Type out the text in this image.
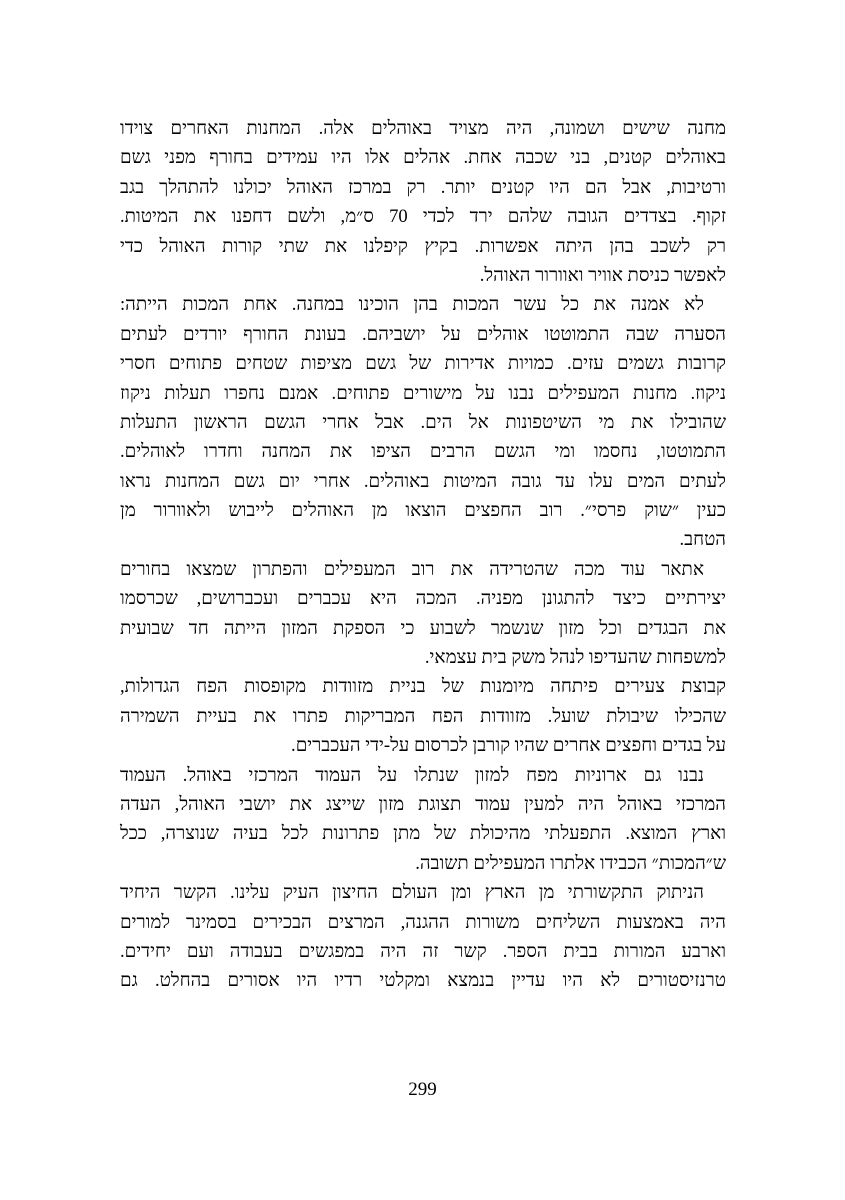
מחנה שישים ושמונה, היה מצויד באוהלים אלה. המחנות האחרים צוידו
באוהלים קטנים, בני שכבה אחת. אהלים אלו היו עמידים בחורף מפני גשם
ורטיבות, אבל הם היו קטנים יותר. רק במרכז האוהל יכולנו להתהלך בגב
זקוף. בצדדים הגובה שלהם ירד לכדי 70 ס״מ, ולשם דחפנו את המיטות.
רק לשכב בהן היתה אפשרות. בקיץ קיפלנו את שתי קורות האוהל כדי
לאפשר כניסת אוויר ואוורור האוהל.
לא אמנה את כל עשר המכות בהן הוכינו במחנה. אחת המכות הייתה:
הסערה שבה התמוטטו אוהלים על יושביהם. בעונת החורף יורדים לעתים
קרובות גשמים עזים. כמויות אדירות של גשם מציפות שטחים פתוחים חסרי
ניקוז. מחנות המעפילים נבנו על מישורים פתוחים. אמנם נחפרו תעלות ניקוז
שהובילו את מי השיטפונות אל הים. אבל אחרי הגשם הראשון התעלות
התמוטטו, נחסמו ומי הגשם הרבים הציפו את המחנה וחדרו לאוהלים.
לעתים המים עלו עד גובה המיטות באוהלים. אחרי יום גשם המחנות נראו
כעין ״שוק פרסי״. רוב החפצים הוצאו מן האוהלים לייבוש ולאוורור מן
הטחב.
אתאר עוד מכה שהטרידה את רוב המעפילים והפתרון שמצאו בחורים
יצירתיים כיצד להתגונן מפניה. המכה היא עכברים ועכברושים, שכרסמו
את הבגדים וכל מזון שנשמר לשבוע כי הספקת המזון הייתה חד שבועית
למשפחות שהעדיפו לנהל משק בית עצמאי.
קבוצת צעירים פיתחה מיומנות של בניית מזוודות מקופסות הפח הגדולות,
שהכילו שיבולת שועל. מזוודות הפח המבריקות פתרו את בעיית השמירה
על בגדים וחפצים אחרים שהיו קורבן לכרסום על-ידי העכברים.
נבנו גם ארוניות מפח למזון שנתלו על העמוד המרכזי באוהל. העמוד
המרכזי באוהל היה למעין עמוד תצוגת מזון שייצג את יושבי האוהל, העדה
וארץ המוצא. התפעלתי מהיכולת של מתן פתרונות לכל בעיה שנוצרה, ככל
ש״המכות״ הכבידו אלתרו המעפילים תשובה.
הניתוק התקשורתי מן הארץ ומן העולם החיצון העיק עלינו. הקשר היחיד
היה באמצעות השליחים משורות ההגנה, המרצים הבכירים בסמינר למורים
וארבע המורות בבית הספר. קשר זה היה במפגשים בעבודה ועם יחידים.
טרנזיסטורים לא היו עדיין בנמצא ומקלטי רדיו היו אסורים בהחלט. גם
299
